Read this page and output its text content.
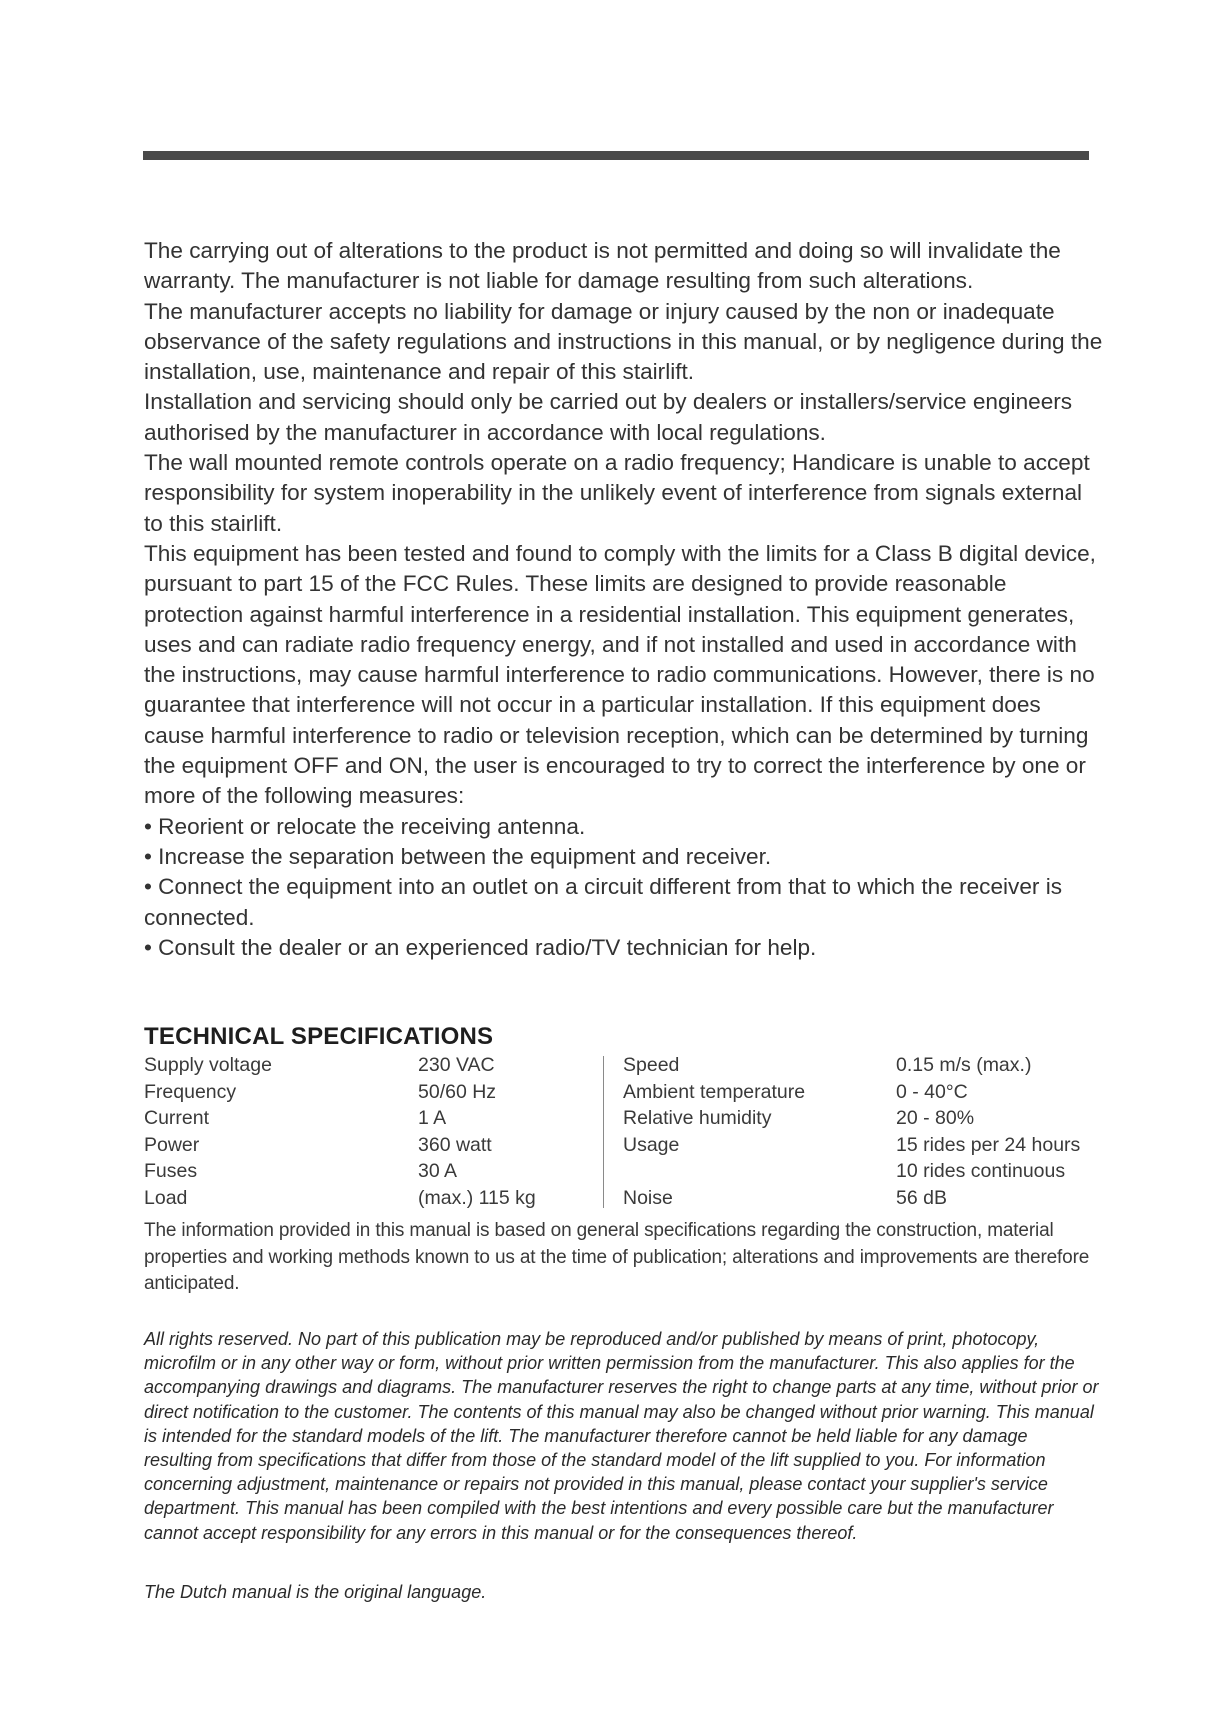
The carrying out of alterations to the product is not permitted and doing so will invalidate the warranty. The manufacturer is not liable for damage resulting from such alterations.

The manufacturer accepts no liability for damage or injury caused by the non or inadequate observance of the safety regulations and instructions in this manual, or by negligence during the installation, use, maintenance and repair of this stairlift.

Installation and servicing should only be carried out by dealers or installers/service engineers authorised by the manufacturer in accordance with local regulations.

The wall mounted remote controls operate on a radio frequency; Handicare is unable to accept responsibility for system inoperability in the unlikely event of interference from signals external to this stairlift.

This equipment has been tested and found to comply with the limits for a Class B digital device, pursuant to part 15 of the FCC Rules. These limits are designed to provide reasonable protection against harmful interference in a residential installation. This equipment generates, uses and can radiate radio frequency energy, and if not installed and used in accordance with the instructions, may cause harmful interference to radio communications. However, there is no guarantee that interference will not occur in a particular installation. If this equipment does cause harmful interference to radio or television reception, which can be determined by turning the equipment OFF and ON, the user is encouraged to try to correct the interference by one or more of the following measures:

• Reorient or relocate the receiving antenna.

• Increase the separation between the equipment and receiver.

• Connect the equipment into an outlet on a circuit different from that to which the receiver is connected.

• Consult the dealer or an experienced radio/TV technician for help.

TECHNICAL SPECIFICATIONS
Supply voltage
Frequency
Current
Power
Fuses
Load
230 VAC
50/60 Hz
1 A
360 watt
30 A
(max.) 115 kg
Speed
Ambient temperature
Relative humidity
Usage
Noise
0.15 m/s (max.)
0 - 40°C
20 - 80%
15 rides per 24 hours
10 rides continuous
56 dB

The information provided in this manual is based on general specifications regarding the construction, material properties and working methods known to us at the time of publication; alterations and improvements are therefore anticipated.

All rights reserved. No part of this publication may be reproduced and/or published by means of print, photocopy, microfilm or in any other way or form, without prior written permission from the manufacturer. This also applies for the accompanying drawings and diagrams. The manufacturer reserves the right to change parts at any time, without prior or direct notification to the customer. The contents of this manual may also be changed without prior warning. This manual is intended for the standard models of the lift. The manufacturer therefore cannot be held liable for any damage resulting from specifications that differ from those of the standard model of the lift supplied to you. For information concerning adjustment, maintenance or repairs not provided in this manual, please contact your supplier's service department. This manual has been compiled with the best intentions and every possible care but the manufacturer cannot accept responsibility for any errors in this manual or for the consequences thereof.

The Dutch manual is the original language.
